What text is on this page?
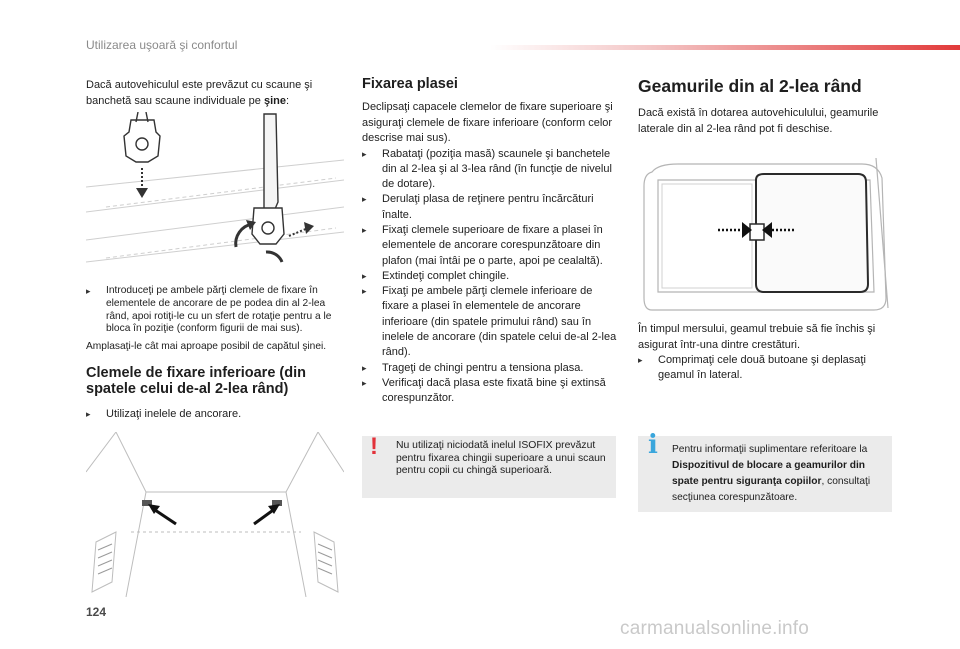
Utilizarea uşoară şi confortul

Dacă autovehiculul este prevăzut cu scaune şi banchetă sau scaune individuale pe şine:

▸	Introduceţi pe ambele părţi clemele de fixare în elementele de ancorare de pe podea din al 2-lea rând, apoi rotiţi-le cu un sfert de rotaţie pentru a le bloca în poziţie (conform figurii de mai sus).

Amplasaţi-le cât mai aproape posibil de capătul şinei.

Clemele de fixare inferioare (din spatele celui de-al 2-lea rând)
▸	Utilizaţi inelele de ancorare.
Fixarea plasei

Declipsaţi capacele clemelor de fixare superioare şi asiguraţi clemele de fixare inferioare (conform celor descrise mai sus).

▸	Rabataţi (poziţia masă) scaunele şi banchetele din al 2-lea şi al 3-lea rând (în funcţie de nivelul de dotare).
▸	Derulaţi plasa de reţinere pentru încărcături înalte.
▸	Fixaţi clemele superioare de fixare a plasei în elementele de ancorare corespunzătoare din plafon (mai întâi pe o parte, apoi pe cealaltă).
▸	Extindeţi complet chingile.
▸	Fixaţi pe ambele părţi clemele inferioare de fixare a plasei în elementele de ancorare inferioare (din spatele primului rând) sau în inelele de ancorare (din spatele celui de-al 2-lea rând).
▸	Trageţi de chingi pentru a tensiona plasa.
▸	Verificaţi dacă plasa este fixată bine şi extinsă corespunzător.
! Nu utilizaţi niciodată inelul ISOFIX prevăzut pentru fixarea chingii superioare a unui scaun pentru copii cu chingă superioară.
Geamurile din al 2-lea rând

Dacă există în dotarea autovehiculului, geamurile laterale din al 2-lea rând pot fi deschise.

În timpul mersului, geamul trebuie să fie închis şi asigurat într-una dintre crestături.

▸	Comprimaţi cele două butoane şi deplasaţi geamul în lateral.
i Pentru informaţii suplimentare referitoare la Dispozitivul de blocare a geamurilor din spate pentru siguranţa copiilor, consultaţi secţiunea corespunzătoare.
124
carmanualsonline.info
